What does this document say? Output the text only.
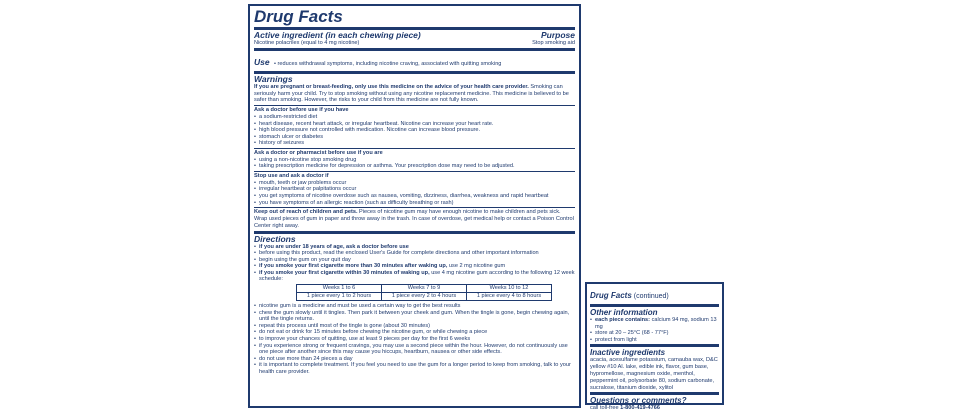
Drug Facts

Active ingredient (in each chewing piece)	Purpose
Nicotine polacrilex (equal to 4 mg nicotine)	Stop smoking aid
Use • reduces withdrawal symptoms, including nicotine craving, associated with quitting smoking
Warnings

If you are pregnant or breast-feeding, only use this medicine on the advice of your health care provider. Smoking can seriously harm your child. Try to stop smoking without using any nicotine replacement medicine. This medicine is believed to be safer than smoking. However, the risks to your child from this medicine are not fully known.

Ask a doctor before use if you have

• a sodium-restricted diet
• heart disease, recent heart attack, or irregular heartbeat. Nicotine can increase your heart rate.
• high blood pressure not controlled with medication. Nicotine can increase blood pressure.
• stomach ulcer or diabetes
• history of seizures

Ask a doctor or pharmacist before use if you are

• using a non-nicotine stop smoking drug
• taking prescription medicine for depression or asthma. Your prescription dose may need to be adjusted.

Stop use and ask a doctor if

• mouth, teeth or jaw problems occur
• irregular heartbeat or palpitations occur
• you get symptoms of nicotine overdose such as nausea, vomiting, dizziness, diarrhea, weakness and rapid heartbeat
• you have symptoms of an allergic reaction (such as difficulty breathing or rash)

Keep out of reach of children and pets. Pieces of nicotine gum may have enough nicotine to make children and pets sick. Wrap used pieces of gum in paper and throw away in the trash. In case of overdose, get medical help or contact a Poison Control Center right away.

Directions
• if you are under 18 years of age, ask a doctor before use
• before using this product, read the enclosed User's Guide for complete directions and other important information
• begin using the gum on your quit day
• if you smoke your first cigarette more than 30 minutes after waking up, use 2 mg nicotine gum
• if you smoke your first cigarette within 30 minutes of waking up, use 4 mg nicotine gum according to the following 12 week schedule:
Weeks 1 to 6	Weeks 7 to 9	Weeks 10 to 12
1 piece every 1 to 2 hours	1 piece every 2 to 4 hours	1 piece every 4 to 8 hours
• nicotine gum is a medicine and must be used a certain way to get the best results
• chew the gum slowly until it tingles. Then park it between your cheek and gum. When the tingle is gone, begin chewing again, until the tingle returns.
• repeat this process until most of the tingle is gone (about 30 minutes)
• do not eat or drink for 15 minutes before chewing the nicotine gum, or while chewing a piece
• to improve your chances of quitting, use at least 9 pieces per day for the first 6 weeks
• if you experience strong or frequent cravings, you may use a second piece within the hour. However, do not continuously use one piece after another since this may cause you hiccups, heartburn, nausea or other side effects.
• do not use more than 24 pieces a day
• it is important to complete treatment. If you feel you need to use the gum for a longer period to keep from smoking, talk to your health care provider.
Drug Facts (continued)
Other information
• each piece contains: calcium 94 mg, sodium 13 mg
• store at 20 – 25°C (68 - 77°F)
• protect from light
Inactive ingredients

acacia, acesulfame potassium, carnauba wax, D&C yellow #10 Al. lake, edible ink, flavor, gum base, hypromellose, magnesium oxide, menthol, peppermint oil, polysorbate 80, sodium carbonate, sucralose, titanium dioxide, xylitol

Questions or comments?

call toll-free 1-800-419-4766
